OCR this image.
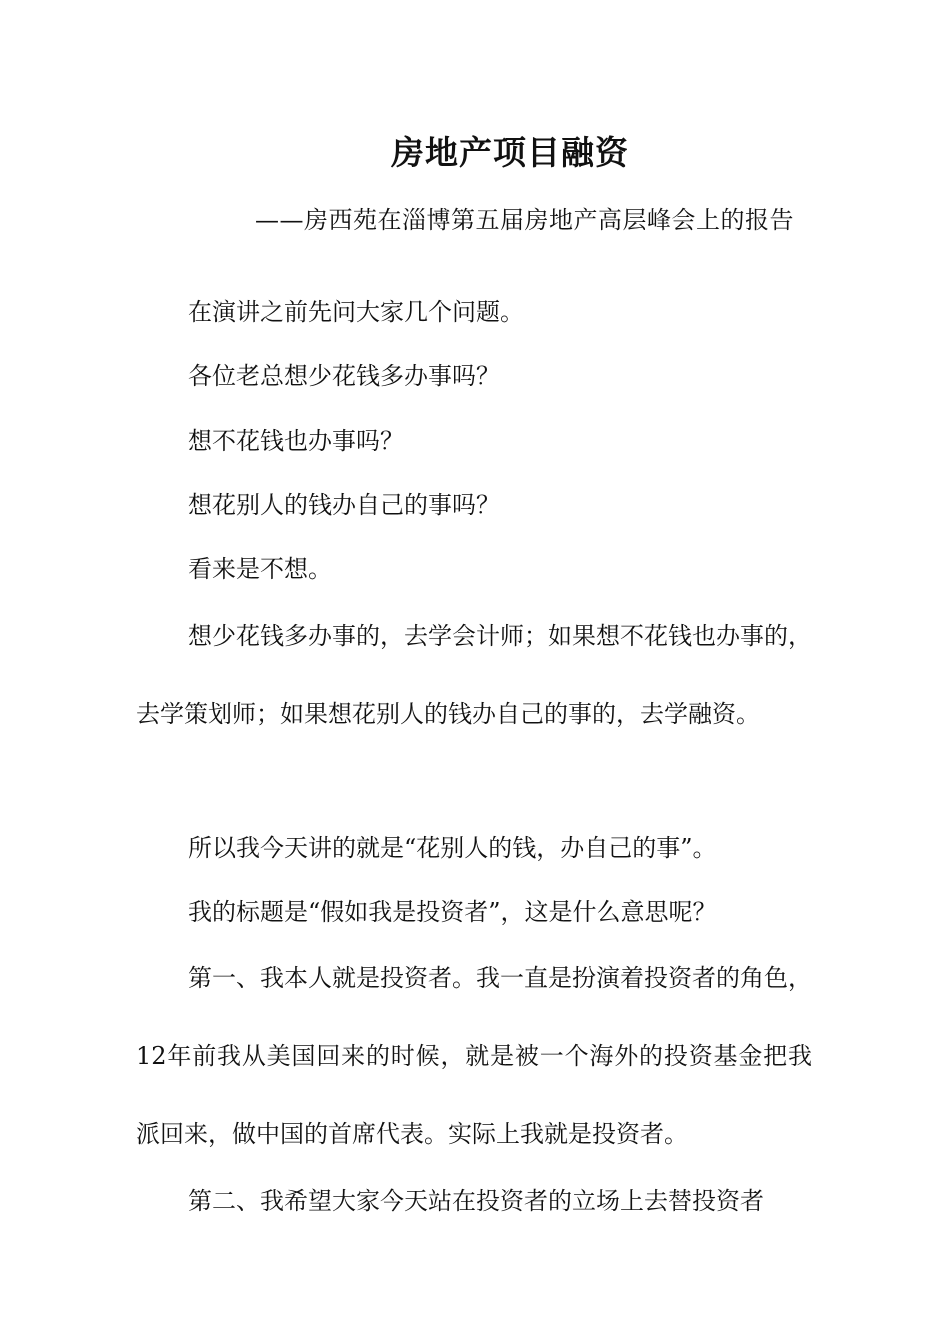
房地产项目融资
——房西苑在淄博第五届房地产高层峰会上的报告
在演讲之前先问大家几个问题。
各位老总想少花钱多办事吗？
想不花钱也办事吗？
想花别人的钱办自己的事吗？
看来是不想。
想少花钱多办事的，去学会计师；如果想不花钱也办事的，去学策划师；如果想花别人的钱办自己的事的，去学融资。
所以我今天讲的就是“花别人的钱，办自己的事”。
我的标题是“假如我是投资者”，这是什么意思呢？
第一、我本人就是投资者。我一直是扮演着投资者的角色，12年前我从美国回来的时候，就是被一个海外的投资基金把我派回来，做中国的首席代表。实际上我就是投资者。
第二、我希望大家今天站在投资者的立场上去替投资者
